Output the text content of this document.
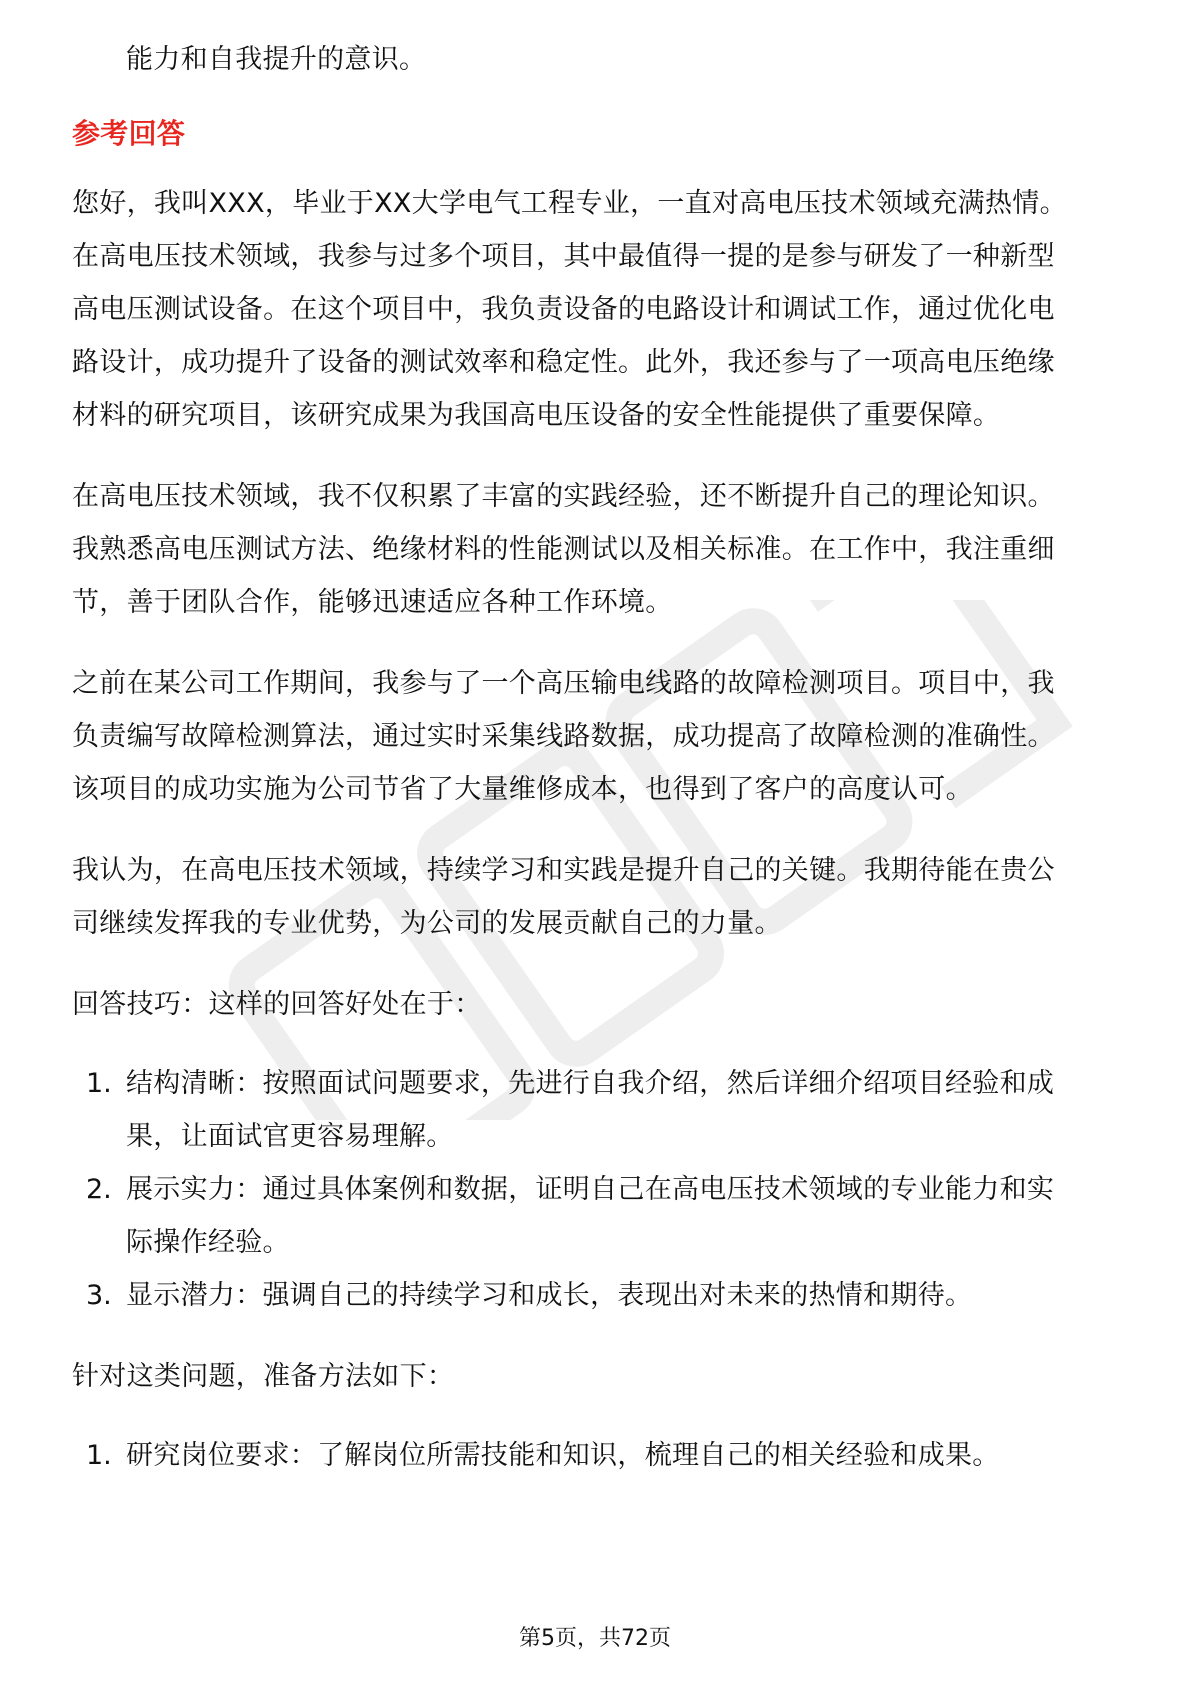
能力和自我提升的意识。
参考回答
您好，我叫XXX，毕业于XX大学电气工程专业，一直对高电压技术领域充满热情。
在高电压技术领域，我参与过多个项目，其中最值得一提的是参与研发了一种新型
高电压测试设备。在这个项目中，我负责设备的电路设计和调试工作，通过优化电
路设计，成功提升了设备的测试效率和稳定性。此外，我还参与了一项高电压绝缘
材料的研究项目，该研究成果为我国高电压设备的安全性能提供了重要保障。
在高电压技术领域，我不仅积累了丰富的实践经验，还不断提升自己的理论知识。
我熟悉高电压测试方法、绝缘材料的性能测试以及相关标准。在工作中，我注重细
节，善于团队合作，能够迅速适应各种工作环境。
之前在某公司工作期间，我参与了一个高压输电线路的故障检测项目。项目中，我
负责编写故障检测算法，通过实时采集线路数据，成功提高了故障检测的准确性。
该项目的成功实施为公司节省了大量维修成本，也得到了客户的高度认可。
我认为，在高电压技术领域，持续学习和实践是提升自己的关键。我期待能在贵公
司继续发挥我的专业优势，为公司的发展贡献自己的力量。
回答技巧：这样的回答好处在于：
1. 结构清晰：按照面试问题要求，先进行自我介绍，然后详细介绍项目经验和成
果，让面试官更容易理解。
2. 展示实力：通过具体案例和数据，证明自己在高电压技术领域的专业能力和实
际操作经验。
3. 显示潜力：强调自己的持续学习和成长，表现出对未来的热情和期待。
针对这类问题，准备方法如下：
1. 研究岗位要求：了解岗位所需技能和知识，梳理自己的相关经验和成果。
第5页，共72页
